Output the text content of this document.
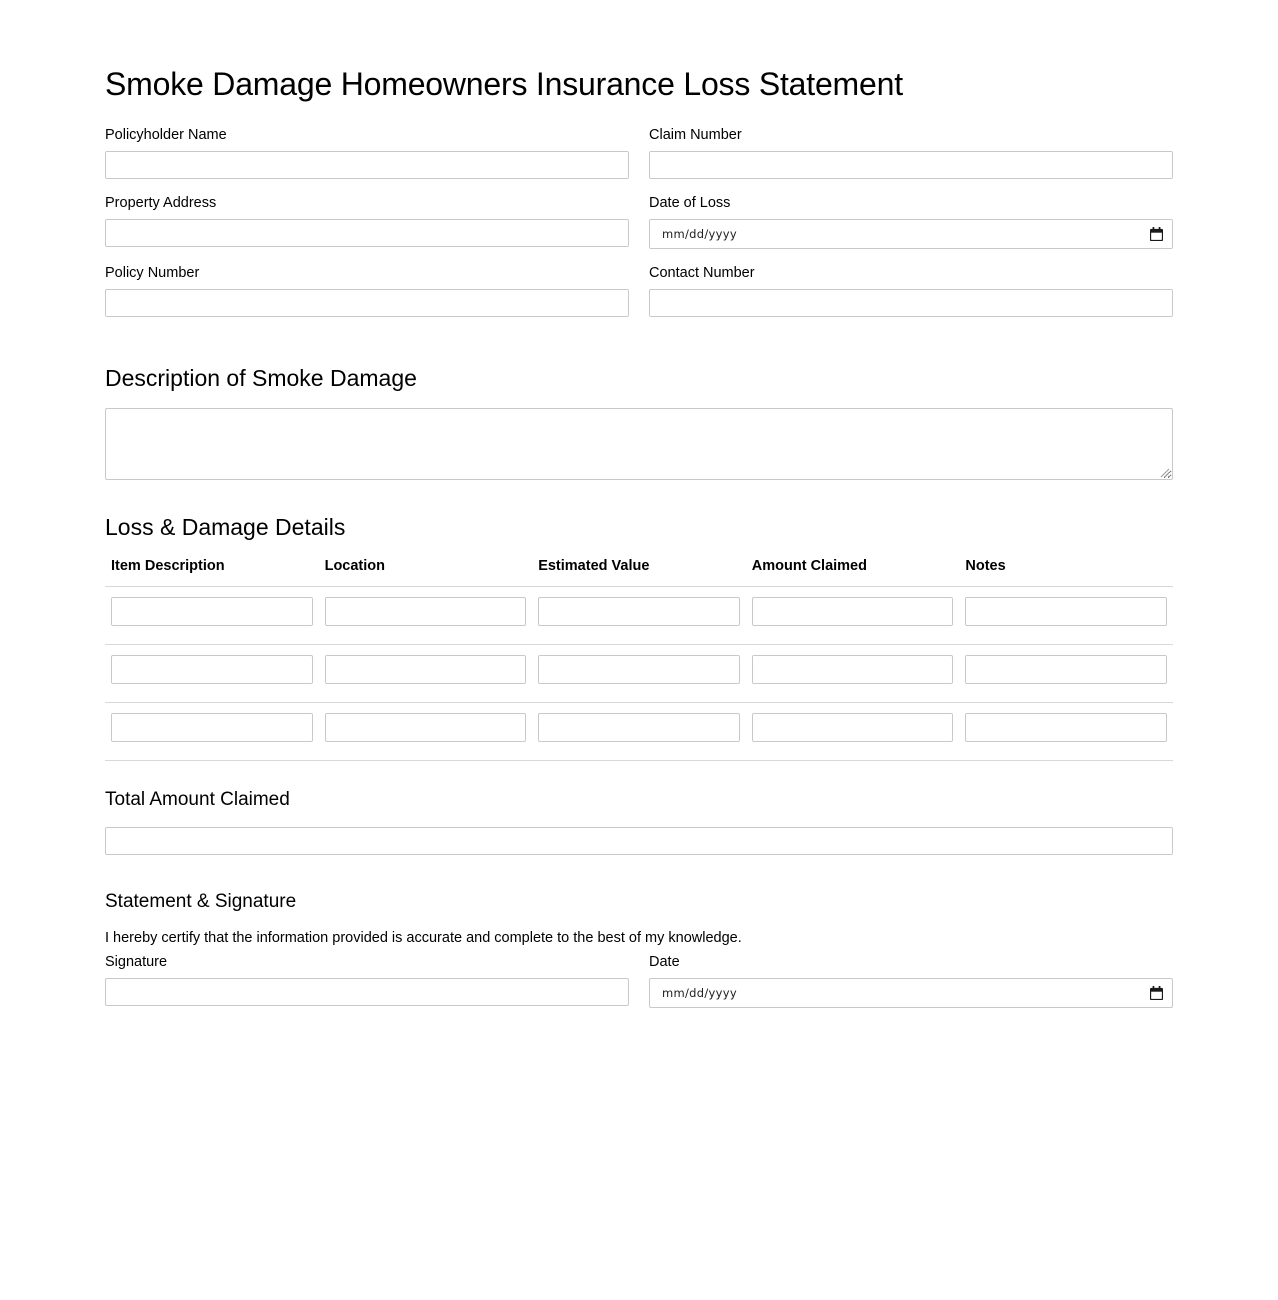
Smoke Damage Homeowners Insurance Loss Statement
Policyholder Name	Claim Number
Property Address	Date of Loss
mm/dd/yyyy
Policy Number	Contact Number
Description of Smoke Damage
Loss & Damage Details
Item Description	Location	Estimated Value	Amount Claimed	Notes

Total Amount Claimed
Statement & Signature

I hereby certify that the information provided is accurate and complete to the best of my knowledge.

Signature	Date
mm/dd/yyyy
